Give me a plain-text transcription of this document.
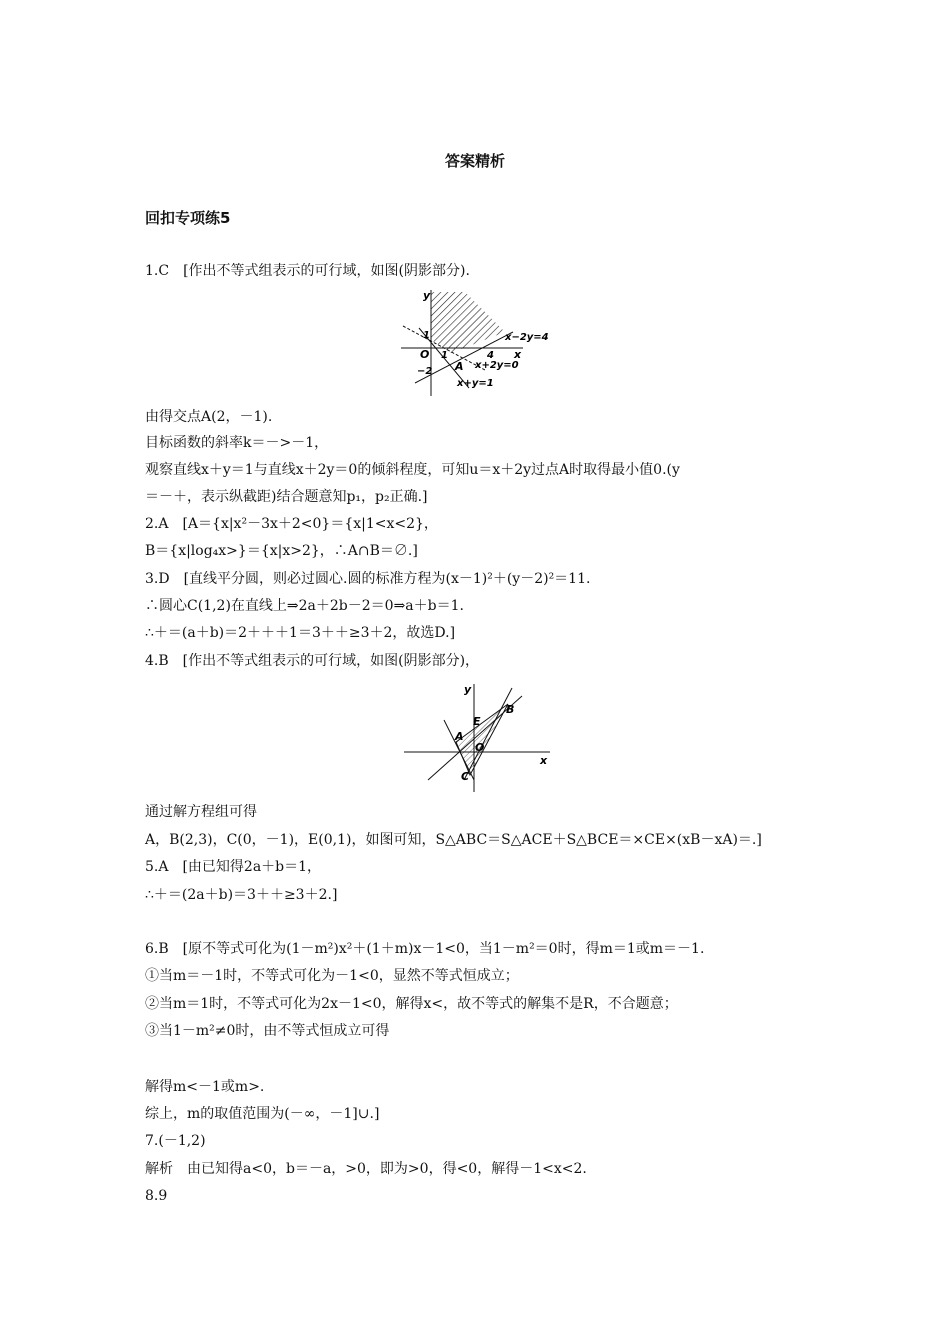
答案精析
回扣专项练5
1.C　[作出不等式组表示的可行域，如图(阴影部分).
y
x
O
1
1	4
−2 A
x−2y=4
x+2y=0
x+y=1
由得交点A(2，－1).
目标函数的斜率k＝－>－1，
观察直线x＋y＝1与直线x＋2y＝0的倾斜程度，可知u＝x＋2y过点A时取得最小值0.(y
＝－＋，表示纵截距)结合题意知p₁，p₂正确.]
2.A　[A＝{x|x²－3x＋2<0}＝{x|1<x<2}，
B＝{x|log₄x>}＝{x|x>2}，∴A∩B＝∅.]
3.D　[直线平分圆，则必过圆心.圆的标准方程为(x－1)²＋(y－2)²＝11.
∴圆心C(1,2)在直线上⇒2a＋2b－2＝0⇒a＋b＝1.
∴＋＝(a＋b)＝2＋＋＋1＝3＋＋≥3＋2，故选D.]
4.B　[作出不等式组表示的可行域，如图(阴影部分)，
y
x
B
E
A
O
C
通过解方程组可得
A，B(2,3)，C(0，－1)，E(0,1)，如图可知，S△ABC＝S△ACE＋S△BCE＝×CE×(xB－xA)＝.]
5.A　[由已知得2a＋b＝1，
∴＋＝(2a＋b)＝3＋＋≥3＋2.]
6.B　[原不等式可化为(1－m²)x²＋(1＋m)x－1<0，当1－m²＝0时，得m＝1或m＝－1.
①当m＝－1时，不等式可化为－1<0，显然不等式恒成立；
②当m＝1时，不等式可化为2x－1<0，解得x<，故不等式的解集不是R，不合题意；
③当1－m²≠0时，由不等式恒成立可得
解得m<－1或m>.
综上，m的取值范围为(－∞，－1]∪.]
7.(－1,2)
解析　由已知得a<0，b＝－a，>0，即为>0，得<0，解得－1<x<2.
8.9
